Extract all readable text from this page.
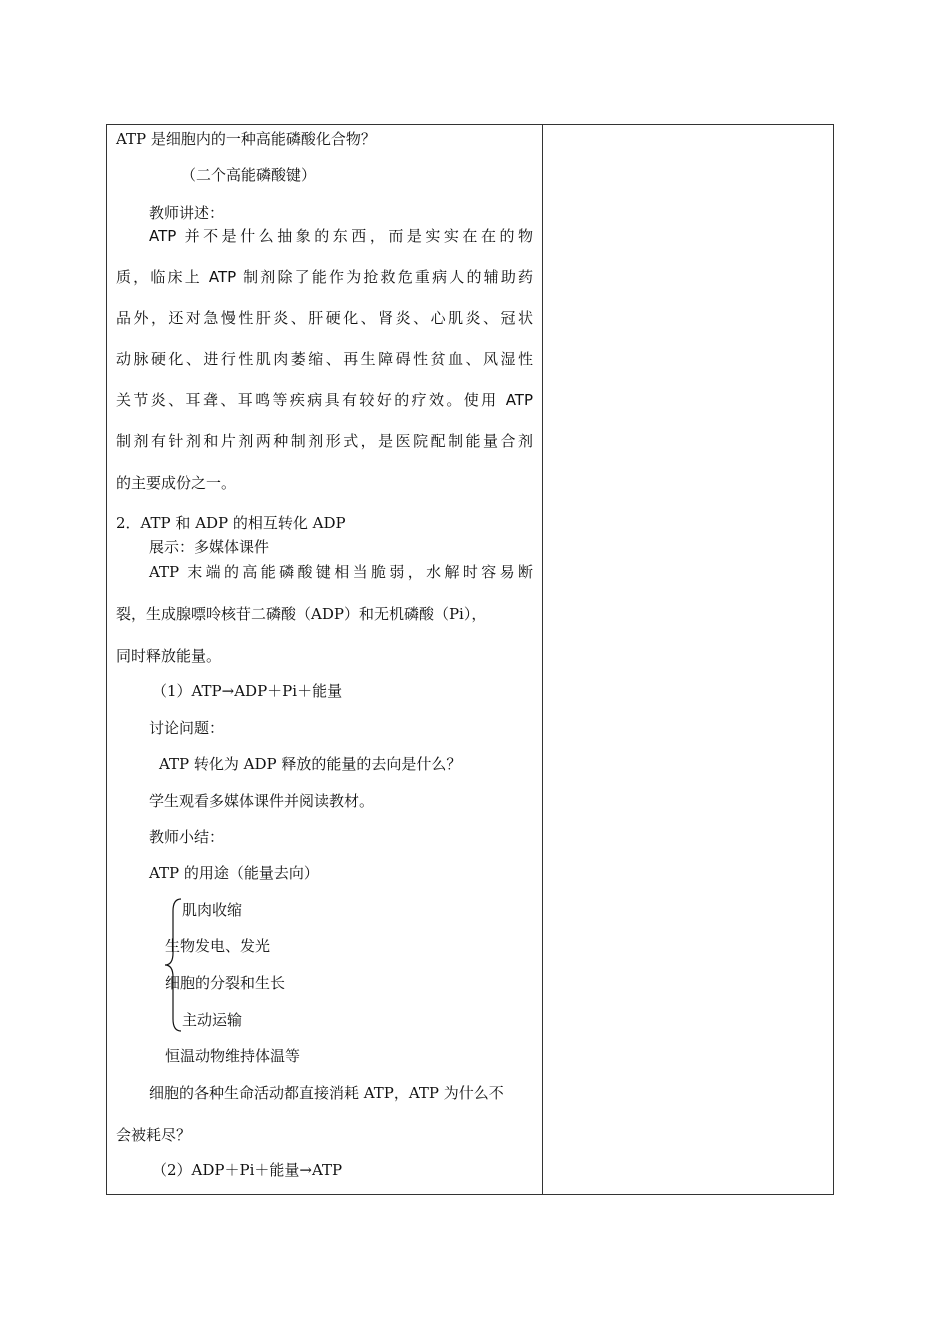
ATP 是细胞内的一种高能磷酸化合物？
（二个高能磷酸键）
教师讲述：
ATP 并不是什么抽象的东西，而是实实在在的物
质，临床上 ATP 制剂除了能作为抢救危重病人的辅助药
品外，还对急慢性肝炎、肝硬化、肾炎、心肌炎、冠状
动脉硬化、进行性肌肉萎缩、再生障碍性贫血、风湿性
关节炎、耳聋、耳鸣等疾病具有较好的疗效。使用 ATP
制剂有针剂和片剂两种制剂形式，是医院配制能量合剂
的主要成份之一。
2．ATP 和 ADP 的相互转化 ADP
展示：多媒体课件
ATP 末端的高能磷酸键相当脆弱，水解时容易断
裂，生成腺嘌呤核苷二磷酸（ADP）和无机磷酸（Pi），
同时释放能量。
（1）ATP→ADP＋Pi＋能量
讨论问题：
ATP 转化为 ADP 释放的能量的去向是什么？
学生观看多媒体课件并阅读教材。
教师小结：
ATP 的用途（能量去向）
肌肉收缩
生物发电、发光
细胞的分裂和生长
主动运输
恒温动物维持体温等
细胞的各种生命活动都直接消耗 ATP，ATP 为什么不
会被耗尽？
（2）ADP＋Pi＋能量→ATP
